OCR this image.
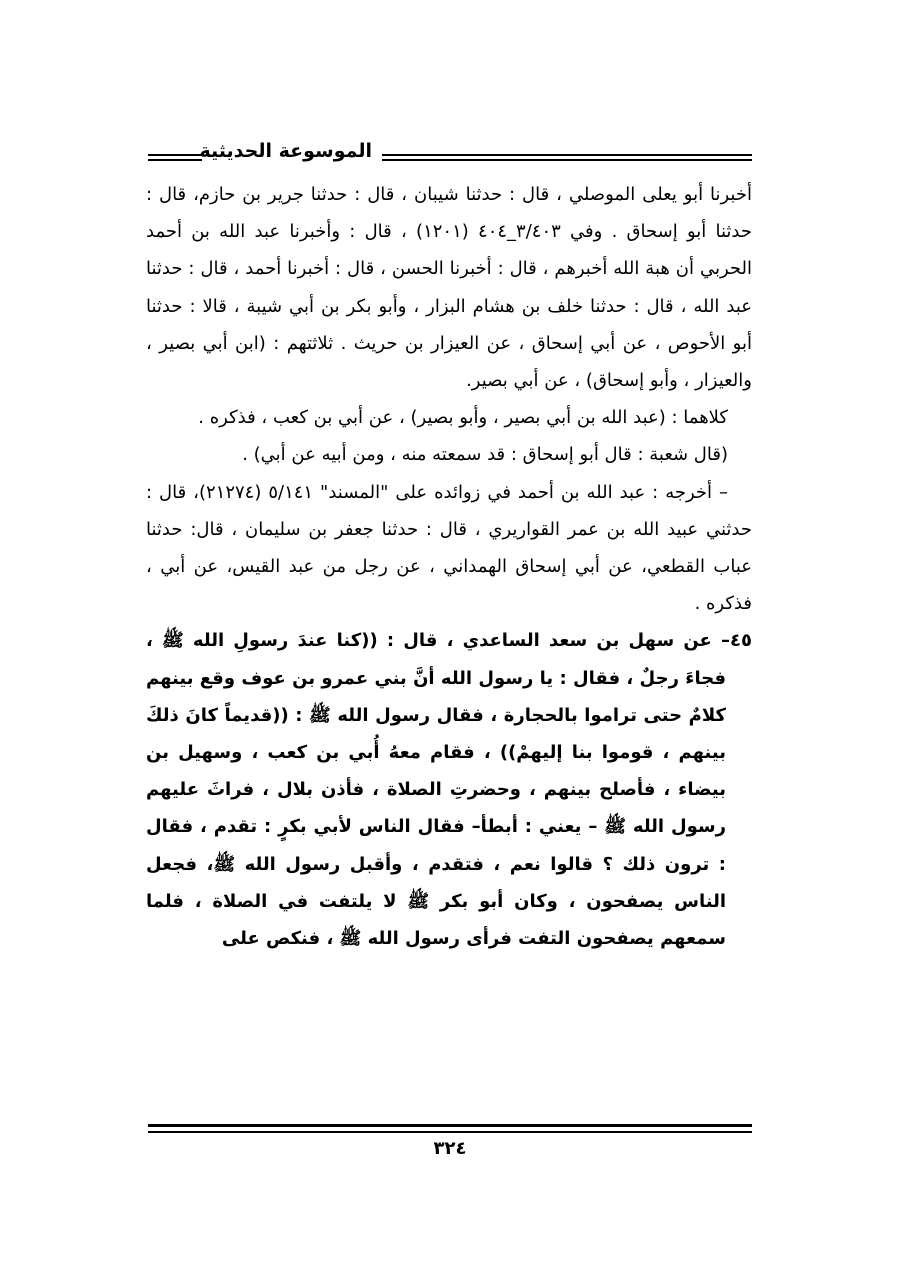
الموسوعة الحديثية

أخبرنا أبو يعلى الموصلي ، قال : حدثنا شيبان ، قال : حدثنا جرير بن حازم، قال : حدثنا أبو إسحاق . وفي ٣/٤٠٣_٤٠٤ (١٢٠١) ، قال : وأخبرنا عبد الله بن أحمد الحربي أن هبة الله أخبرهم ، قال : أخبرنا الحسن ، قال : أخبرنا أحمد ، قال : حدثنا عبد الله ، قال : حدثنا خلف بن هشام البزار ، وأبو بكر بن أبي شيبة ، قالا : حدثنا أبو الأحوص ، عن أبي إسحاق ، عن العيزار بن حريث . ثلاثتهم : (ابن أبي بصير ، والعيزار ، وأبو إسحاق) ، عن أبي بصير.

كلاهما : (عبد الله بن أبي بصير ، وأبو بصير) ، عن أبي بن كعب ، فذكره .

(قال شعبة : قال أبو إسحاق : قد سمعته منه ، ومن أبيه عن أبي) .

– أخرجه : عبد الله بن أحمد في زوائده على "المسند" ٥/١٤١ (٢١٢٧٤)، قال : حدثني عبيد الله بن عمر القواريري ، قال : حدثنا جعفر بن سليمان ، قال: حدثنا عباب القطعي، عن أبي إسحاق الهمداني ، عن رجل من عبد القيس، عن أبي ، فذكره .

٤٥– عن سهل بن سعد الساعدي ، قال : ((كنا عندَ رسولِ الله ﷺ ، فجاءَ رجلٌ ، فقال : يا رسول الله أنَّ بني عمرو بن عوف وقع بينهم كلامٌ حتى تراموا بالحجارة ، فقال رسول الله ﷺ : ((قديماً كانَ ذلكَ بينهم ، قوموا بنا إليهمْ)) ، فقام معهُ أُبي بن كعب ، وسهيل بن بيضاء ، فأصلح بينهم ، وحضرتِ الصلاة ، فأذن بلال ، فراثَ عليهم رسول الله ﷺ – يعني : أبطأ– فقال الناس لأبي بكرٍ : تقدم ، فقال : ترون ذلك ؟ قالوا نعم ، فتقدم ، وأقبل رسول الله ﷺ، فجعل الناس يصفحون ، وكان أبو بكر ﷺ لا يلتفت في الصلاة ، فلما سمعهم يصفحون التفت فرأى رسول الله ﷺ ، فنكص على

٣٢٤
